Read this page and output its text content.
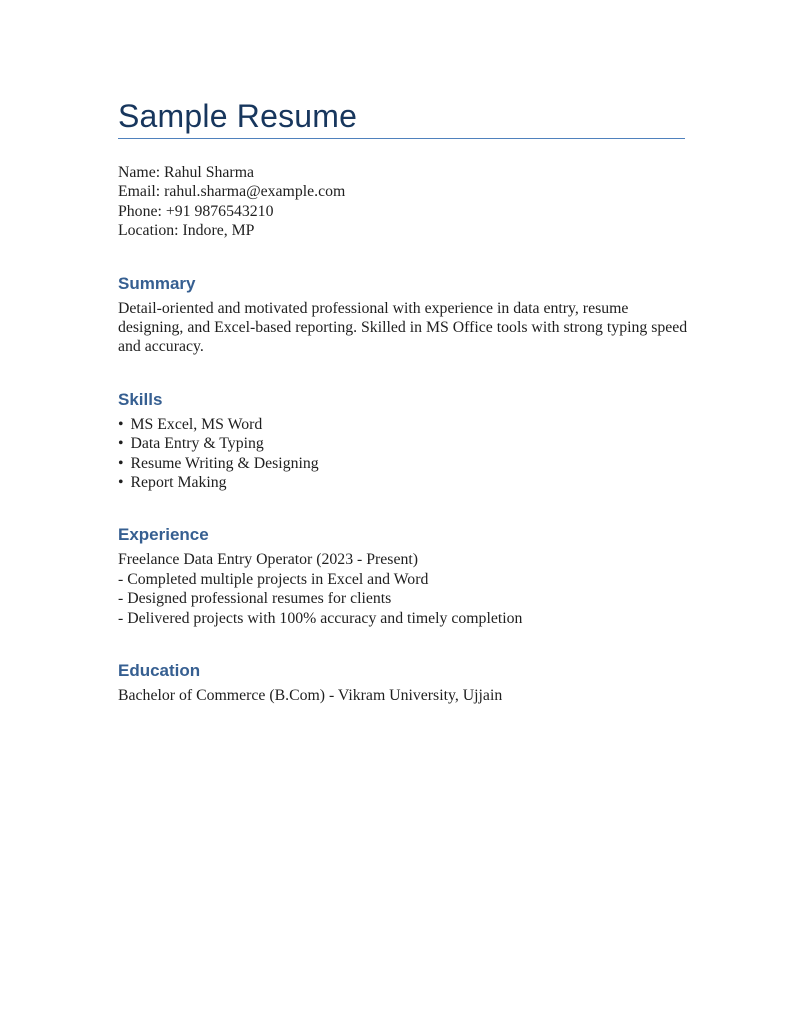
Sample Resume

Name: Rahul Sharma

Email: rahul.sharma@example.com

Phone: +91 9876543210

Location: Indore, MP

Summary

Detail-oriented and motivated professional with experience in data entry, resume

designing, and Excel-based reporting. Skilled in MS Office tools with strong typing speed

and accuracy.

Skills
•MS Excel, MS Word
•Data Entry & Typing
•Resume Writing & Designing
•Report Making
Experience

Freelance Data Entry Operator (2023 - Present)

- Completed multiple projects in Excel and Word

- Designed professional resumes for clients

- Delivered projects with 100% accuracy and timely completion

Education

Bachelor of Commerce (B.Com) - Vikram University, Ujjain
